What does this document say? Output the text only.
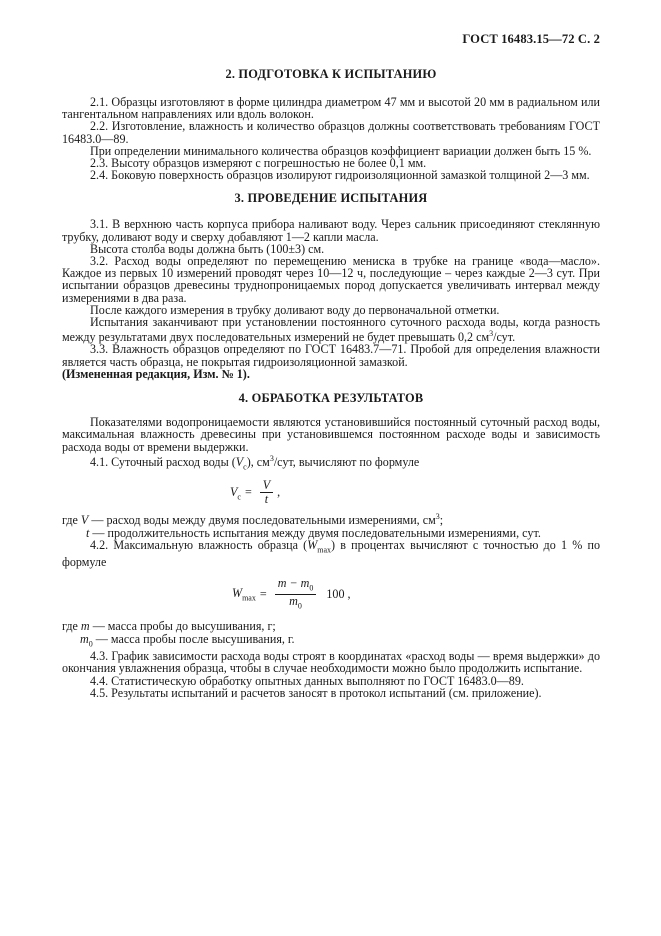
ГОСТ 16483.15—72 С. 2
2. ПОДГОТОВКА К ИСПЫТАНИЮ

2.1. Образцы изготовляют в форме цилиндра диаметром 47 мм и высотой 20 мм в радиальном или тангентальном направлениях или вдоль волокон.

2.2. Изготовление, влажность и количество образцов должны соответствовать требованиям ГОСТ 16483.0—89.

При определении минимального количества образцов коэффициент вариации должен быть 15 %.

2.3. Высоту образцов измеряют с погрешностью не более 0,1 мм.

2.4. Боковую поверхность образцов изолируют гидроизоляционной замазкой толщиной 2—3 мм.

3. ПРОВЕДЕНИЕ ИСПЫТАНИЯ

3.1. В верхнюю часть корпуса прибора наливают воду. Через сальник присоединяют стеклянную трубку, доливают воду и сверху добавляют 1—2 капли масла.

Высота столба воды должна быть (100±3) см.

3.2. Расход воды определяют по перемещению мениска в трубке на границе «вода—масло». Каждое из первых 10 измерений проводят через 10—12 ч, последующие – через каждые 2—3 сут. При испытании образцов древесины труднопроницаемых пород допускается увеличивать интервал между измерениями в два раза.

После каждого измерения в трубку доливают воду до первоначальной отметки.

Испытания заканчивают при установлении постоянного суточного расхода воды, когда разность между результатами двух последовательных измерений не будет превышать 0,2 $см^3$/сут.

3.3. Влажность образцов определяют по ГОСТ 16483.7—71. Пробой для определения влажности является часть образца, не покрытая гидроизоляционной замазкой.

(Измененная редакция, Изм. № 1).

4. ОБРАБОТКА РЕЗУЛЬТАТОВ

Показателями водопроницаемости являются установившийся постоянный суточный расход воды, максимальная влажность древесины при установившемся постоянном расходе воды и зависимость расхода воды от времени выдержки.

4.1. Суточный расход воды $(V_c)$, $см^3$/сут, вычисляют по формуле

$V_c = \frac{V}{t}$ ,

где V — расход воды между двумя последовательными измерениями, $см^3$;

t — продолжительность испытания между двумя последовательными измерениями, сут.

4.2. Максимальную влажность образца $(W_{max})$ в процентах вычисляют с точностью до 1 % по формуле

$W_{max} = \frac{m - m_0}{m_0} 100$ ,

где m — масса пробы до высушивания, г;

$m_0$ — масса пробы после высушивания, г.

4.3. График зависимости расхода воды строят в координатах «расход воды — время выдержки» до окончания увлажнения образца, чтобы в случае необходимости можно было продолжить испытание.

4.4. Статистическую обработку опытных данных выполняют по ГОСТ 16483.0—89.

4.5. Результаты испытаний и расчетов заносят в протокол испытаний (см. приложение).
